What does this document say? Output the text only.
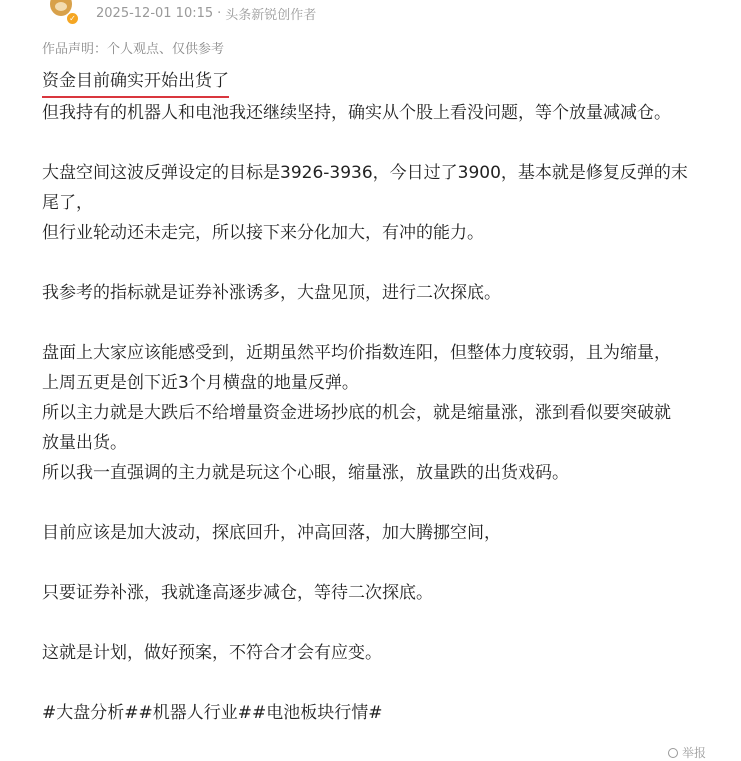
✓ 2025-12-01 10:15 · 头条新锐创作者
作品声明：个人观点、仅供参考
资金目前确实开始出货了
但我持有的机器人和电池我还继续坚持，确实从个股上看没问题，等个放量减减仓。
大盘空间这波反弹设定的目标是3926-3936，今日过了3900，基本就是修复反弹的末
尾了，
但行业轮动还未走完，所以接下来分化加大，有冲的能力。
我参考的指标就是证券补涨诱多，大盘见顶，进行二次探底。
盘面上大家应该能感受到，近期虽然平均价指数连阳，但整体力度较弱，且为缩量，
上周五更是创下近3个月横盘的地量反弹。
所以主力就是大跌后不给增量资金进场抄底的机会，就是缩量涨，涨到看似要突破就
放量出货。
所以我一直强调的主力就是玩这个心眼，缩量涨，放量跌的出货戏码。
目前应该是加大波动，探底回升，冲高回落，加大腾挪空间，
只要证券补涨，我就逢高逐步减仓，等待二次探底。
这就是计划，做好预案，不符合才会有应变。
#大盘分析##机器人行业##电池板块行情#
举报
